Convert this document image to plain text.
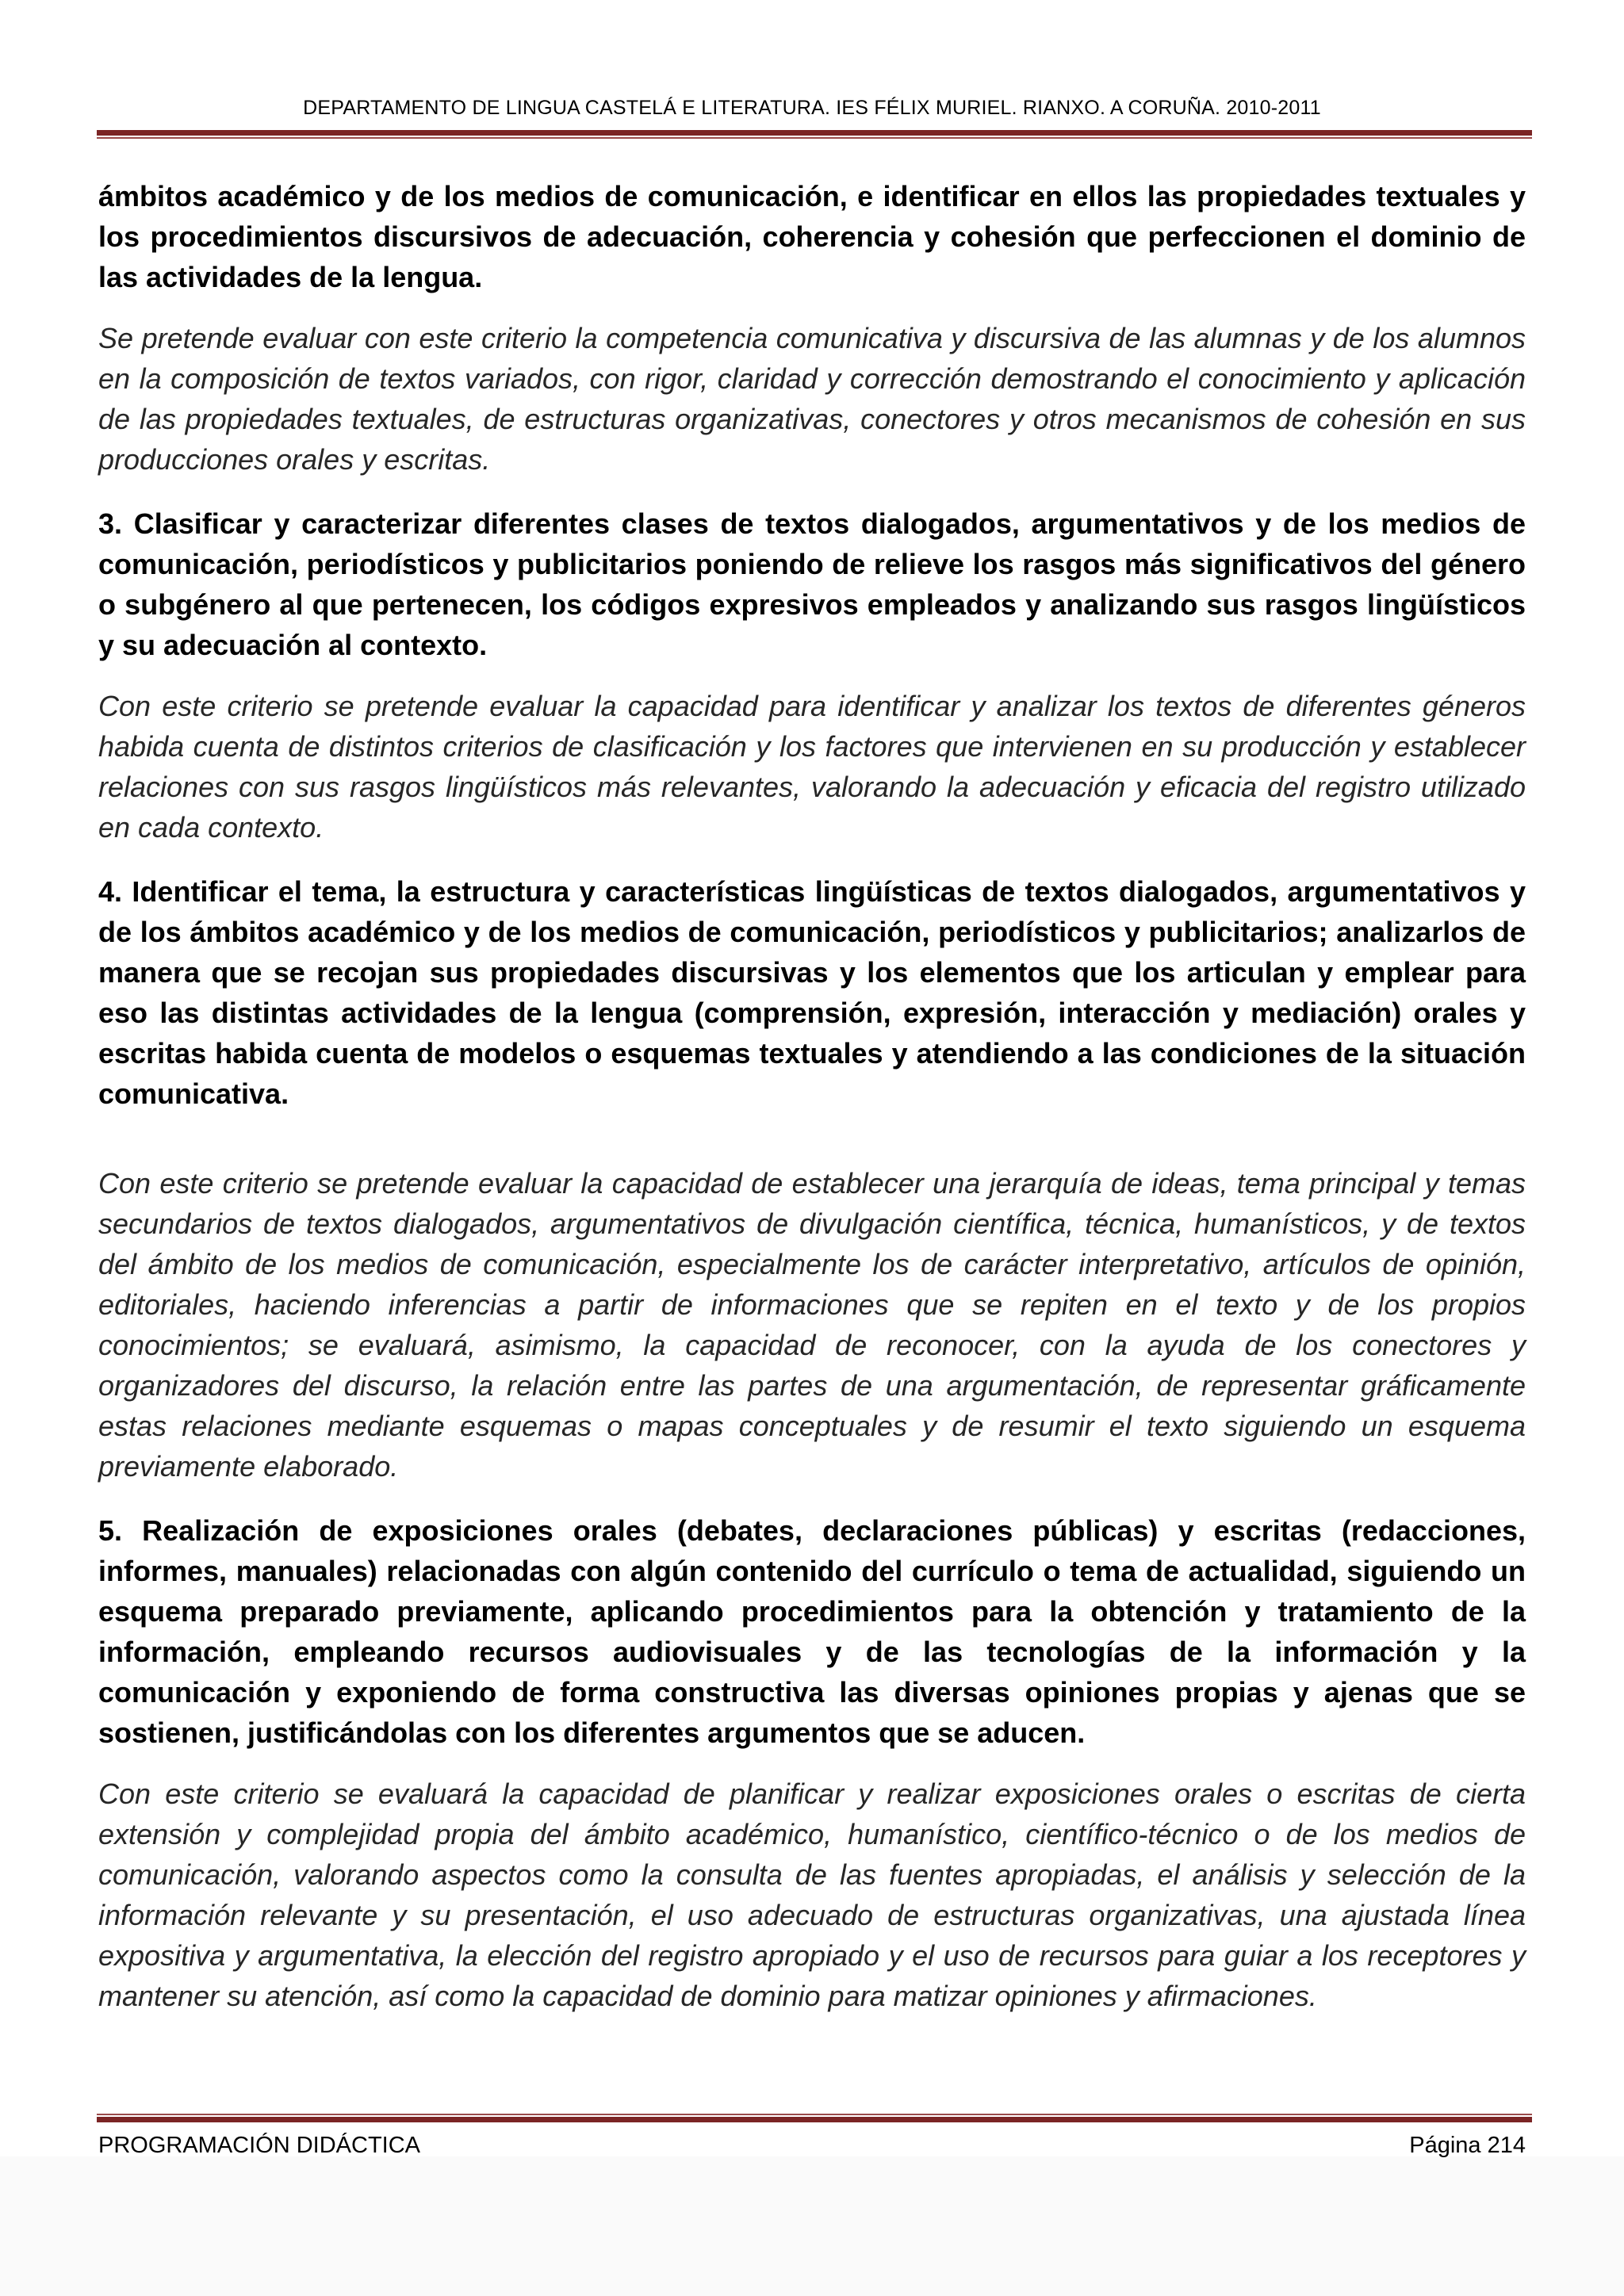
DEPARTAMENTO DE LINGUA CASTELÁ E LITERATURA. IES FÉLIX MURIEL. RIANXO. A CORUÑA. 2010-2011

ámbitos académico y de los medios de comunicación, e identificar en ellos las propiedades textuales y los procedimientos discursivos de adecuación, coherencia y cohesión que perfeccionen el dominio de las actividades de la lengua.

Se pretende evaluar con este criterio la competencia comunicativa y discursiva de las alumnas y de los alumnos en la composición de textos variados, con rigor, claridad y corrección demostrando el conocimiento y aplicación de las propiedades textuales, de estructuras organizativas, conectores y otros mecanismos de cohesión en sus producciones orales y escritas.

3. Clasificar y caracterizar diferentes clases de textos dialogados, argumentativos y de los medios de comunicación, periodísticos y publicitarios poniendo de relieve los rasgos más significativos del género o subgénero al que pertenecen, los códigos expresivos empleados y analizando sus rasgos lingüísticos y su adecuación al contexto.

Con este criterio se pretende evaluar la capacidad para identificar y analizar los textos de diferentes géneros habida cuenta de distintos criterios de clasificación y los factores que intervienen en su producción y establecer relaciones con sus rasgos lingüísticos más relevantes, valorando la adecuación y eficacia del registro utilizado en cada contexto.

4. Identificar el tema, la estructura y características lingüísticas de textos dialogados, argumentativos y de los ámbitos académico y de los medios de comunicación, periodísticos y publicitarios; analizarlos de manera que se recojan sus propiedades discursivas y los elementos que los articulan y emplear para eso las distintas actividades de la lengua (comprensión, expresión, interacción y mediación) orales y escritas habida cuenta de modelos o esquemas textuales y atendiendo a las condiciones de la situación comunicativa.

Con este criterio se pretende evaluar la capacidad de establecer una jerarquía de ideas, tema principal y temas secundarios de textos dialogados, argumentativos de divulgación científica, técnica, humanísticos, y de textos del ámbito de los medios de comunicación, especialmente los de carácter interpretativo, artículos de opinión, editoriales, haciendo inferencias a partir de informaciones que se repiten en el texto y de los propios conocimientos; se evaluará, asimismo, la capacidad de reconocer, con la ayuda de los conectores y organizadores del discurso, la relación entre las partes de una argumentación, de representar gráficamente estas relaciones mediante esquemas o mapas conceptuales y de resumir el texto siguiendo un esquema previamente elaborado.

5. Realización de exposiciones orales (debates, declaraciones públicas) y escritas (redacciones, informes, manuales) relacionadas con algún contenido del currículo o tema de actualidad, siguiendo un esquema preparado previamente, aplicando procedimientos para la obtención y tratamiento de la información, empleando recursos audiovisuales y de las tecnologías de la información y la comunicación y exponiendo de forma constructiva las diversas opiniones propias y ajenas que se sostienen, justificándolas con los diferentes argumentos que se aducen.

Con este criterio se evaluará la capacidad de planificar y realizar exposiciones orales o escritas de cierta extensión y complejidad propia del ámbito académico, humanístico, científico-técnico o de los medios de comunicación, valorando aspectos como la consulta de las fuentes apropiadas, el análisis y selección de la información relevante y su presentación, el uso adecuado de estructuras organizativas, una ajustada línea expositiva y argumentativa, la elección del registro apropiado y el uso de recursos para guiar a los receptores y mantener su atención, así como la capacidad de dominio para matizar opiniones y afirmaciones.

PROGRAMACIÓN DIDÁCTICA	Página 214
